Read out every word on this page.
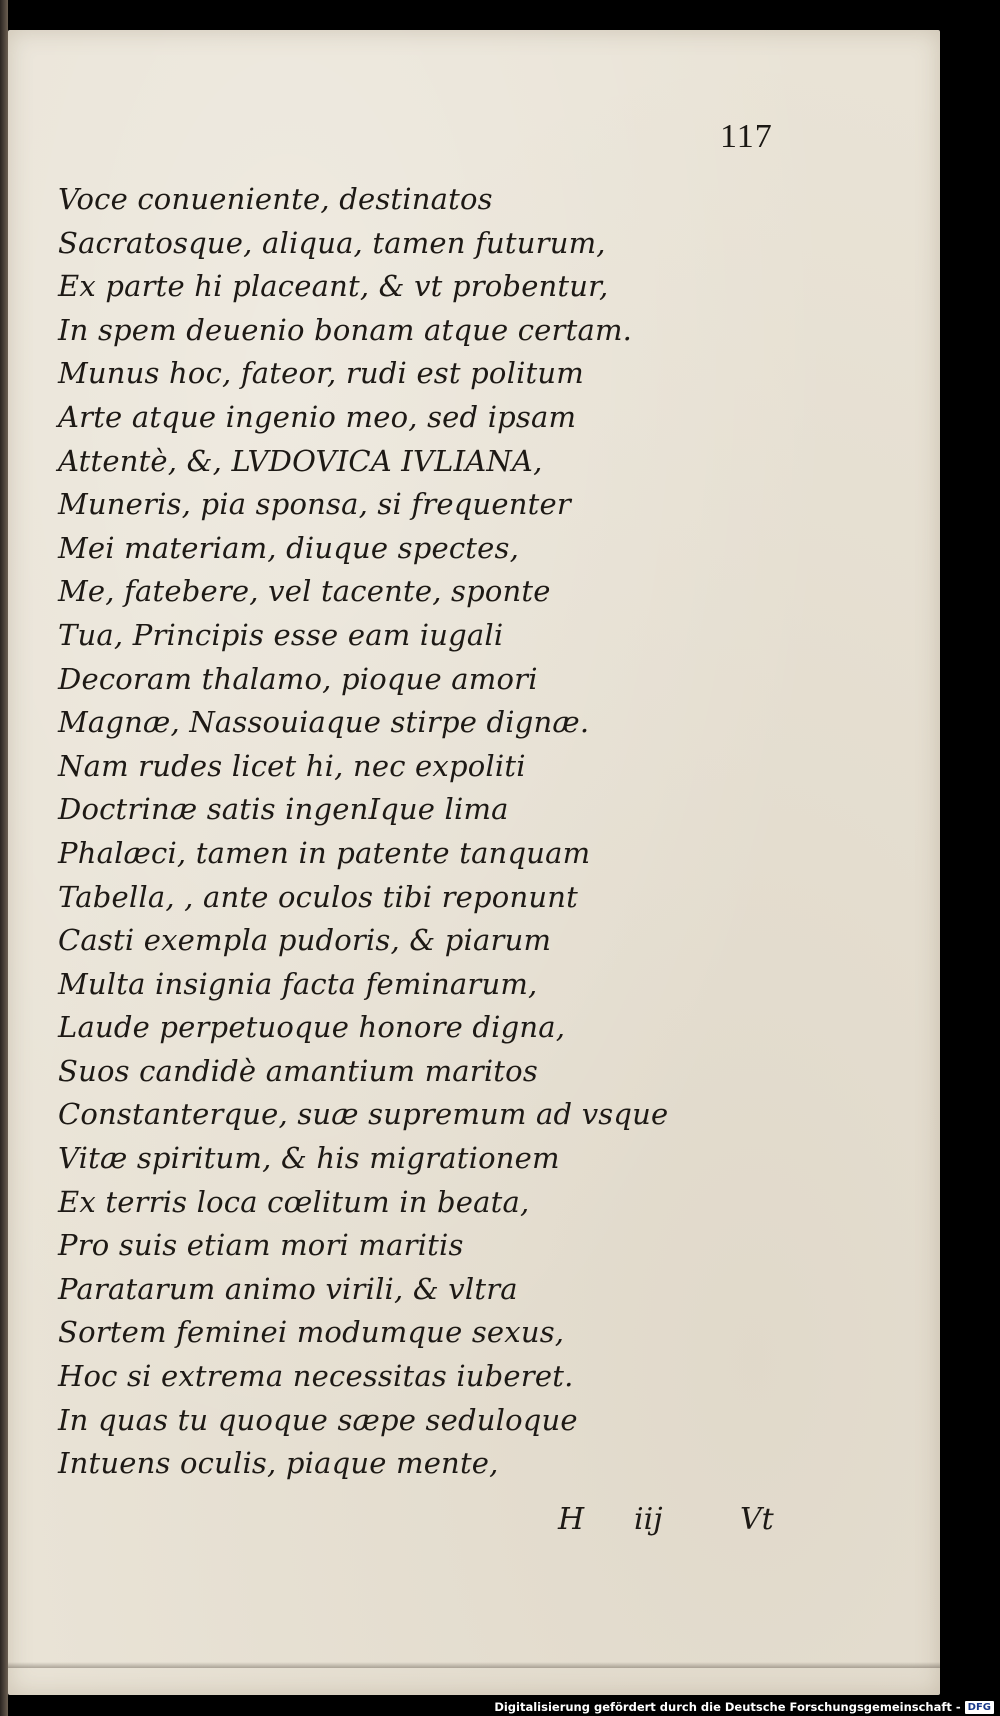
117
Voce conueniente, destinatos
Sacratosque, aliqua, tamen futurum,
Ex parte hi placeant, & vt probentur,
In spem deuenio bonam atque certam.
Munus hoc, fateor, rudi est politum
Arte atque ingenio meo, sed ipsam
Attentè, &, LVDOVICA IVLIANA,
Muneris, pia sponsa, si frequenter
Mei materiam, diuque spectes,
Me, fatebere, vel tacente, sponte
Tua, Principis esse eam iugali
Decoram thalamo, pioque amori
Magnæ, Nassouiaque stirpe dignæ.
Nam rudes licet hi, nec expoliti
Doctrinæ satis ingenIque lima
Phalæci, tamen in patente tanquam
Tabella, , ante oculos tibi reponunt
Casti exempla pudoris, & piarum
Multa insignia facta feminarum,
Laude perpetuoque honore digna,
Suos candidè amantium maritos
Constanterque, suæ supremum ad vsque
Vitæ spiritum, & his migrationem
Ex terris loca cœlitum in beata,
Pro suis etiam mori maritis
Paratarum animo virili, & vltra
Sortem feminei modumque sexus,
Hoc si extrema necessitas iuberet.
In quas tu quoque sæpe seduloque
Intuens oculis, piaque mente,
H iij	Vt
Digitalisierung gefördert durch die Deutsche Forschungsgemeinschaft - DFG
